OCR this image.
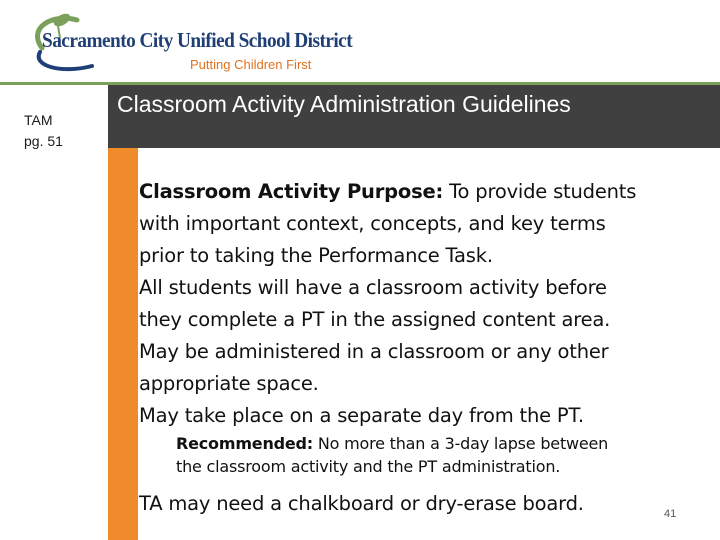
Sacramento City Unified School District
Putting Children First
TAM
pg. 51
Classroom Activity Administration Guidelines
Classroom Activity Purpose: To provide students
with important context, concepts, and key terms
prior to taking the Performance Task.
All students will have a classroom activity before
they complete a PT in the assigned content area.
May be administered in a classroom or any other
appropriate space.
May take place on a separate day from the PT.
Recommended: No more than a 3-day lapse between
the classroom activity and the PT administration.
TA may need a chalkboard or dry-erase board.	41
